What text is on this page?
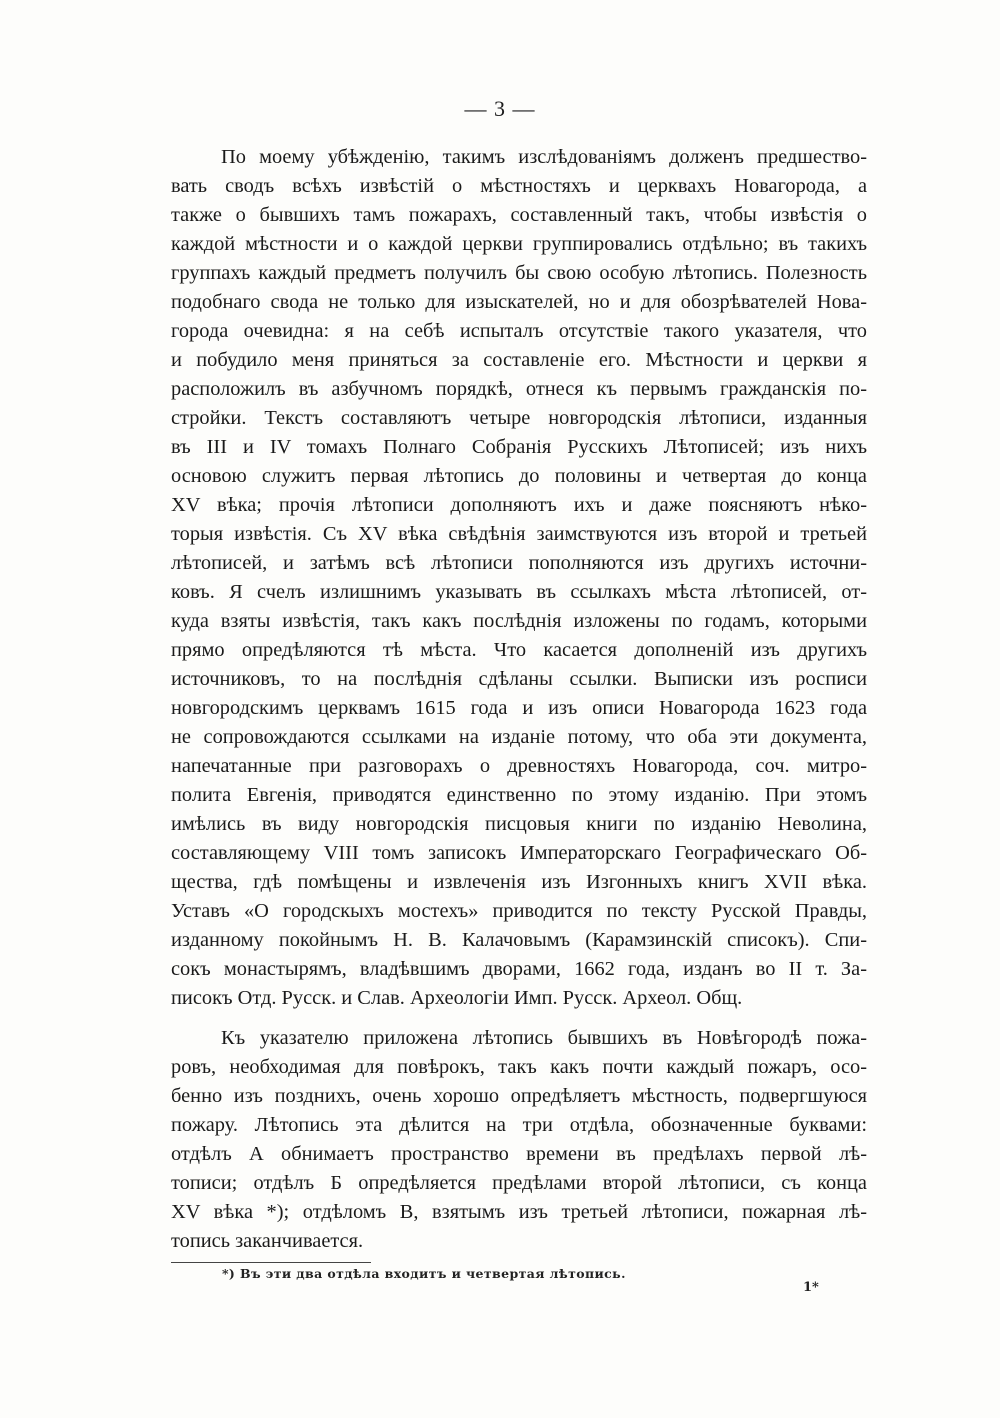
— 3 —
По моему убѣжденію, такимъ изслѣдованіямъ долженъ предшество-
вать сводъ всѣхъ извѣстій о мѣстностяхъ и церквахъ Новагорода, а
также о бывшихъ тамъ пожарахъ, составленный такъ, чтобы извѣстія о
каждой мѣстности и о каждой церкви группировались отдѣльно; въ такихъ
группахъ каждый предметъ получилъ бы свою особую лѣтопись. Полезность
подобнаго свода не только для изыскателей, но и для обозрѣвателей Нова-
города очевидна: я на себѣ испыталъ отсутствіе такого указателя, что
и побудило меня приняться за составленіе его. Мѣстности и церкви я
расположилъ въ азбучномъ порядкѣ, отнеся къ первымъ гражданскія по-
стройки. Текстъ составляютъ четыре новгородскія лѣтописи, изданныя
въ III и IV томахъ Полнаго Собранія Русскихъ Лѣтописей; изъ нихъ
основою служитъ первая лѣтопись до половины и четвертая до конца
XV вѣка; прочія лѣтописи дополняютъ ихъ и даже поясняютъ нѣко-
торыя извѣстія. Съ XV вѣка свѣдѣнія заимствуются изъ второй и третьей
лѣтописей, и затѣмъ всѣ лѣтописи пополняются изъ другихъ источни-
ковъ. Я счелъ излишнимъ указывать въ ссылкахъ мѣста лѣтописей, от-
куда взяты извѣстія, такъ какъ послѣднія изложены по годамъ, которыми
прямо опредѣляются тѣ мѣста. Что касается дополненій изъ другихъ
источниковъ, то на послѣднія сдѣланы ссылки. Выписки изъ росписи
новгородскимъ церквамъ 1615 года и изъ описи Новагорода 1623 года
не сопровождаются ссылками на изданіе потому, что оба эти документа,
напечатанные при разговорахъ о древностяхъ Новагорода, соч. митро-
полита Евгенія, приводятся единственно по этому изданію. При этомъ
имѣлись въ виду новгородскія писцовыя книги по изданію Неволина,
составляющему VIII томъ записокъ Императорскаго Географическаго Об-
щества, гдѣ помѣщены и извлеченія изъ Изгонныхъ книгъ XVII вѣка.
Уставъ «О городскыхъ мостехъ» приводится по тексту Русской Правды,
изданному покойнымъ Н. В. Калачовымъ (Карамзинскій списокъ). Спи-
сокъ монастырямъ, владѣвшимъ дворами, 1662 года, изданъ во II т. За-
писокъ Отд. Русск. и Слав. Археологіи Имп. Русск. Археол. Общ.
Къ указателю приложена лѣтопись бывшихъ въ Новѣгородѣ пожа-
ровъ, необходимая для повѣрокъ, такъ какъ почти каждый пожаръ, осо-
бенно изъ позднихъ, очень хорошо опредѣляетъ мѣстность, подвергшуюся
пожару. Лѣтопись эта дѣлится на три отдѣла, обозначенные буквами:
отдѣлъ А обнимаетъ пространство времени въ предѣлахъ первой лѣ-
тописи; отдѣлъ Б опредѣляется предѣлами второй лѣтописи, съ конца
XV вѣка *); отдѣломъ В, взятымъ изъ третьей лѣтописи, пожарная лѣ-
топись заканчивается.
*) Въ эти два отдѣла входитъ и четвертая лѣтопись.
1*
